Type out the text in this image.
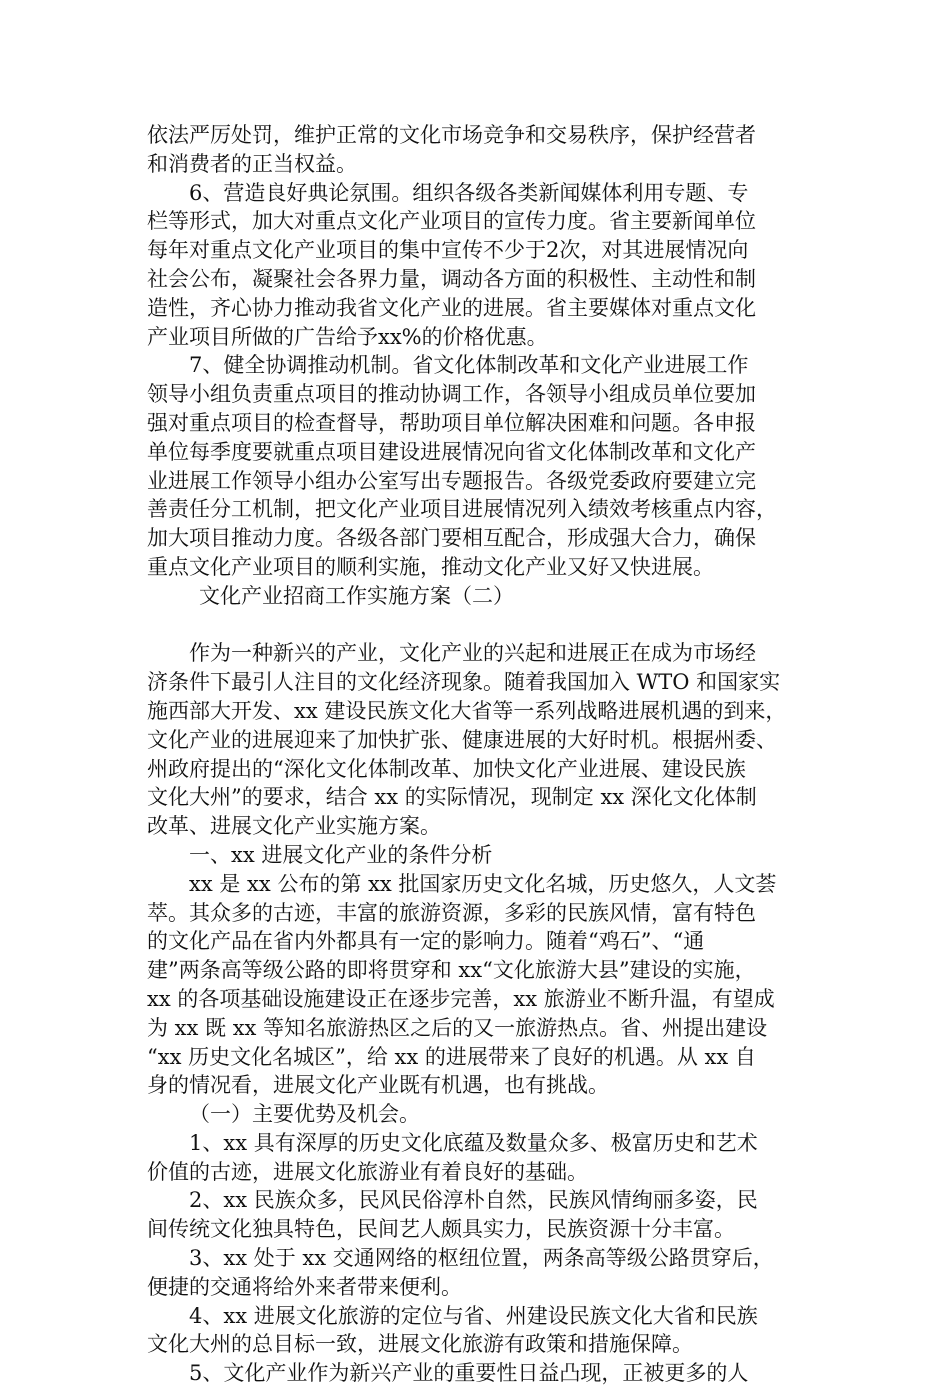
依法严厉处罚，维护正常的文化市场竞争和交易秩序，保护经营者
和消费者的正当权益。
6、营造良好典论氛围。组织各级各类新闻媒体利用专题、专
栏等形式，加大对重点文化产业项目的宣传力度。省主要新闻单位
每年对重点文化产业项目的集中宣传不少于2次，对其进展情况向
社会公布，凝聚社会各界力量，调动各方面的积极性、主动性和制
造性，齐心协力推动我省文化产业的进展。省主要媒体对重点文化
产业项目所做的广告给予xx%的价格优惠。
7、健全协调推动机制。省文化体制改革和文化产业进展工作
领导小组负责重点项目的推动协调工作，各领导小组成员单位要加
强对重点项目的检查督导，帮助项目单位解决困难和问题。各申报
单位每季度要就重点项目建设进展情况向省文化体制改革和文化产
业进展工作领导小组办公室写出专题报告。各级党委政府要建立完
善责任分工机制，把文化产业项目进展情况列入绩效考核重点内容，
加大项目推动力度。各级各部门要相互配合，形成强大合力，确保
重点文化产业项目的顺利实施，推动文化产业又好又快进展。
文化产业招商工作实施方案（二）
作为一种新兴的产业，文化产业的兴起和进展正在成为市场经
济条件下最引人注目的文化经济现象。随着我国加入 WTO 和国家实
施西部大开发、xx 建设民族文化大省等一系列战略进展机遇的到来，
文化产业的进展迎来了加快扩张、健康进展的大好时机。根据州委、
州政府提出的“深化文化体制改革、加快文化产业进展、建设民族
文化大州”的要求，结合 xx 的实际情况，现制定 xx 深化文化体制
改革、进展文化产业实施方案。
一、xx 进展文化产业的条件分析
xx 是 xx 公布的第 xx 批国家历史文化名城，历史悠久，人文荟
萃。其众多的古迹，丰富的旅游资源，多彩的民族风情，富有特色
的文化产品在省内外都具有一定的影响力。随着“鸡石”、“通
建”两条高等级公路的即将贯穿和 xx“文化旅游大县”建设的实施，
xx 的各项基础设施建设正在逐步完善，xx 旅游业不断升温，有望成
为 xx 既 xx 等知名旅游热区之后的又一旅游热点。省、州提出建设
“xx 历史文化名城区”，给 xx 的进展带来了良好的机遇。从 xx 自
身的情况看，进展文化产业既有机遇，也有挑战。
（一）主要优势及机会。
1、xx 具有深厚的历史文化底蕴及数量众多、极富历史和艺术
价值的古迹，进展文化旅游业有着良好的基础。
2、xx 民族众多，民风民俗淳朴自然，民族风情绚丽多姿，民
间传统文化独具特色，民间艺人颇具实力，民族资源十分丰富。
3、xx 处于 xx 交通网络的枢纽位置，两条高等级公路贯穿后，
便捷的交通将给外来者带来便利。
4、xx 进展文化旅游的定位与省、州建设民族文化大省和民族
文化大州的总目标一致，进展文化旅游有政策和措施保障。
5、文化产业作为新兴产业的重要性日益凸现，正被更多的人
